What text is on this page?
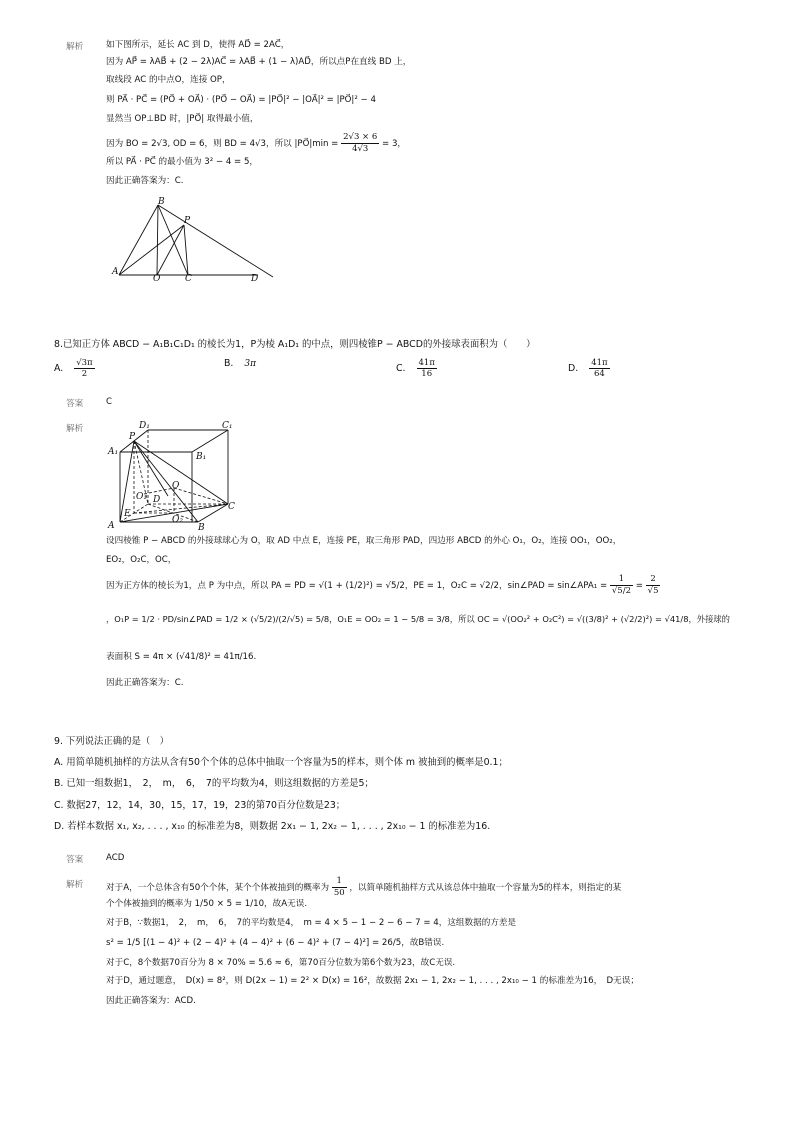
解析	如下图所示，延长 AC 到 D，使得 AD⃗ = 2AC⃗，
因为 AP⃗ = λAB⃗ + (2 − 2λ)AC⃗ = λAB⃗ + (1 − λ)AD⃗，所以点P在直线 BD 上，
取线段 AC 的中点O，连接 OP，
则 PA⃗ · PC⃗ = (PO⃗ + OA⃗) · (PO⃗ − OA⃗) = |PO⃗|² − |OA⃗|² = |PO⃗|² − 4
显然当 OP⊥BD 时，|PO⃗| 取得最小值，
因为 BO = 2√3, OD = 6，则 BD = 4√3，所以 |PO⃗|min = $\frac{2√3 \times 6}{4√3} = 3$，
所以 PA⃗ · PC⃗ 的最小值为 3² − 4 = 5，
因此正确答案为：C.
B
P
A
O	C	D
8.已知正方体 ABCD − A₁B₁C₁D₁ 的棱长为1，P为棱 A₁D₁ 的中点，则四棱锥P − ABCD的外接球表面积为（　　）
A. $\frac{√3\pi}{2}$	B. 3π	C. $\frac{41\pi}{16}$	D. $\frac{41\pi}{64}$
答案	C
解析	D₁	C₁
A₁
P
B₁
O
O₁ D
C
E
O₂
A	B
设四棱锥 P − ABCD 的外接球球心为 O，取 AD 中点 E，连接 PE，取三角形 PAD，四边形 ABCD 的外心 O₁，O₂，连接 OO₁，OO₂，
EO₂，O₂C，OC，
因为正方体的棱长为1，点 P 为中点，所以 PA = PD = √(1 + (1/2)²) = √5/2，PE = 1，O₂C = √2/2，sin∠PAD = sin∠APA₁ = $\frac{1}{√5/2} = \frac{2}{√5}$
，O₁P = 1/2 · PD/sin∠PAD = 1/2 × (√5/2)/(2/√5) = 5/8，O₁E = OO₂ = 1 − 5/8 = 3/8，所以 OC = √(OO₂² + O₂C²) = √((3/8)² + (√2/2)²) = √41/8，外接球的
表面积 S = 4π × (√41/8)² = 41π/16.
因此正确答案为：C.
9. 下列说法正确的是（　）
A. 用简单随机抽样的方法从含有50个个体的总体中抽取一个容量为5的样本，则个体 m 被抽到的概率是0.1；
B. 已知一组数据1，　2，　m，　6，　7的平均数为4，则这组数据的方差是5；
C. 数据27，12，14，30，15，17，19，23的第70百分位数是23；
D. 若样本数据 x₁, x₂, . . . , x₁₀ 的标准差为8，则数据 2x₁ − 1, 2x₂ − 1, . . . , 2x₁₀ − 1 的标准差为16.
答案	ACD
解析	对于A，一个总体含有50个个体，某个个体被抽到的概率为 $\frac{1}{50}$ ，以简单随机抽样方式从该总体中抽取一个容量为5的样本，则指定的某
个个体被抽到的概率为 1/50 × 5 = 1/10，故A无误.
对于B，∵数据1，　2，　m，　6，　7的平均数是4，　m = 4 × 5 − 1 − 2 − 6 − 7 = 4，这组数据的方差是
s² = 1/5 [(1 − 4)² + (2 − 4)² + (4 − 4)² + (6 − 4)² + (7 − 4)²] = 26/5，故B错误.
对于C，8个数据70百分为 8 × 70% = 5.6 ≈ 6，第70百分位数为第6个数为23，故C无误.
对于D，通过题意，　D(x) = 8²，则 D(2x − 1) = 2² × D(x) = 16²，故数据 2x₁ − 1, 2x₂ − 1, . . . , 2x₁₀ − 1 的标准差为16，　D无误；
因此正确答案为：ACD.
